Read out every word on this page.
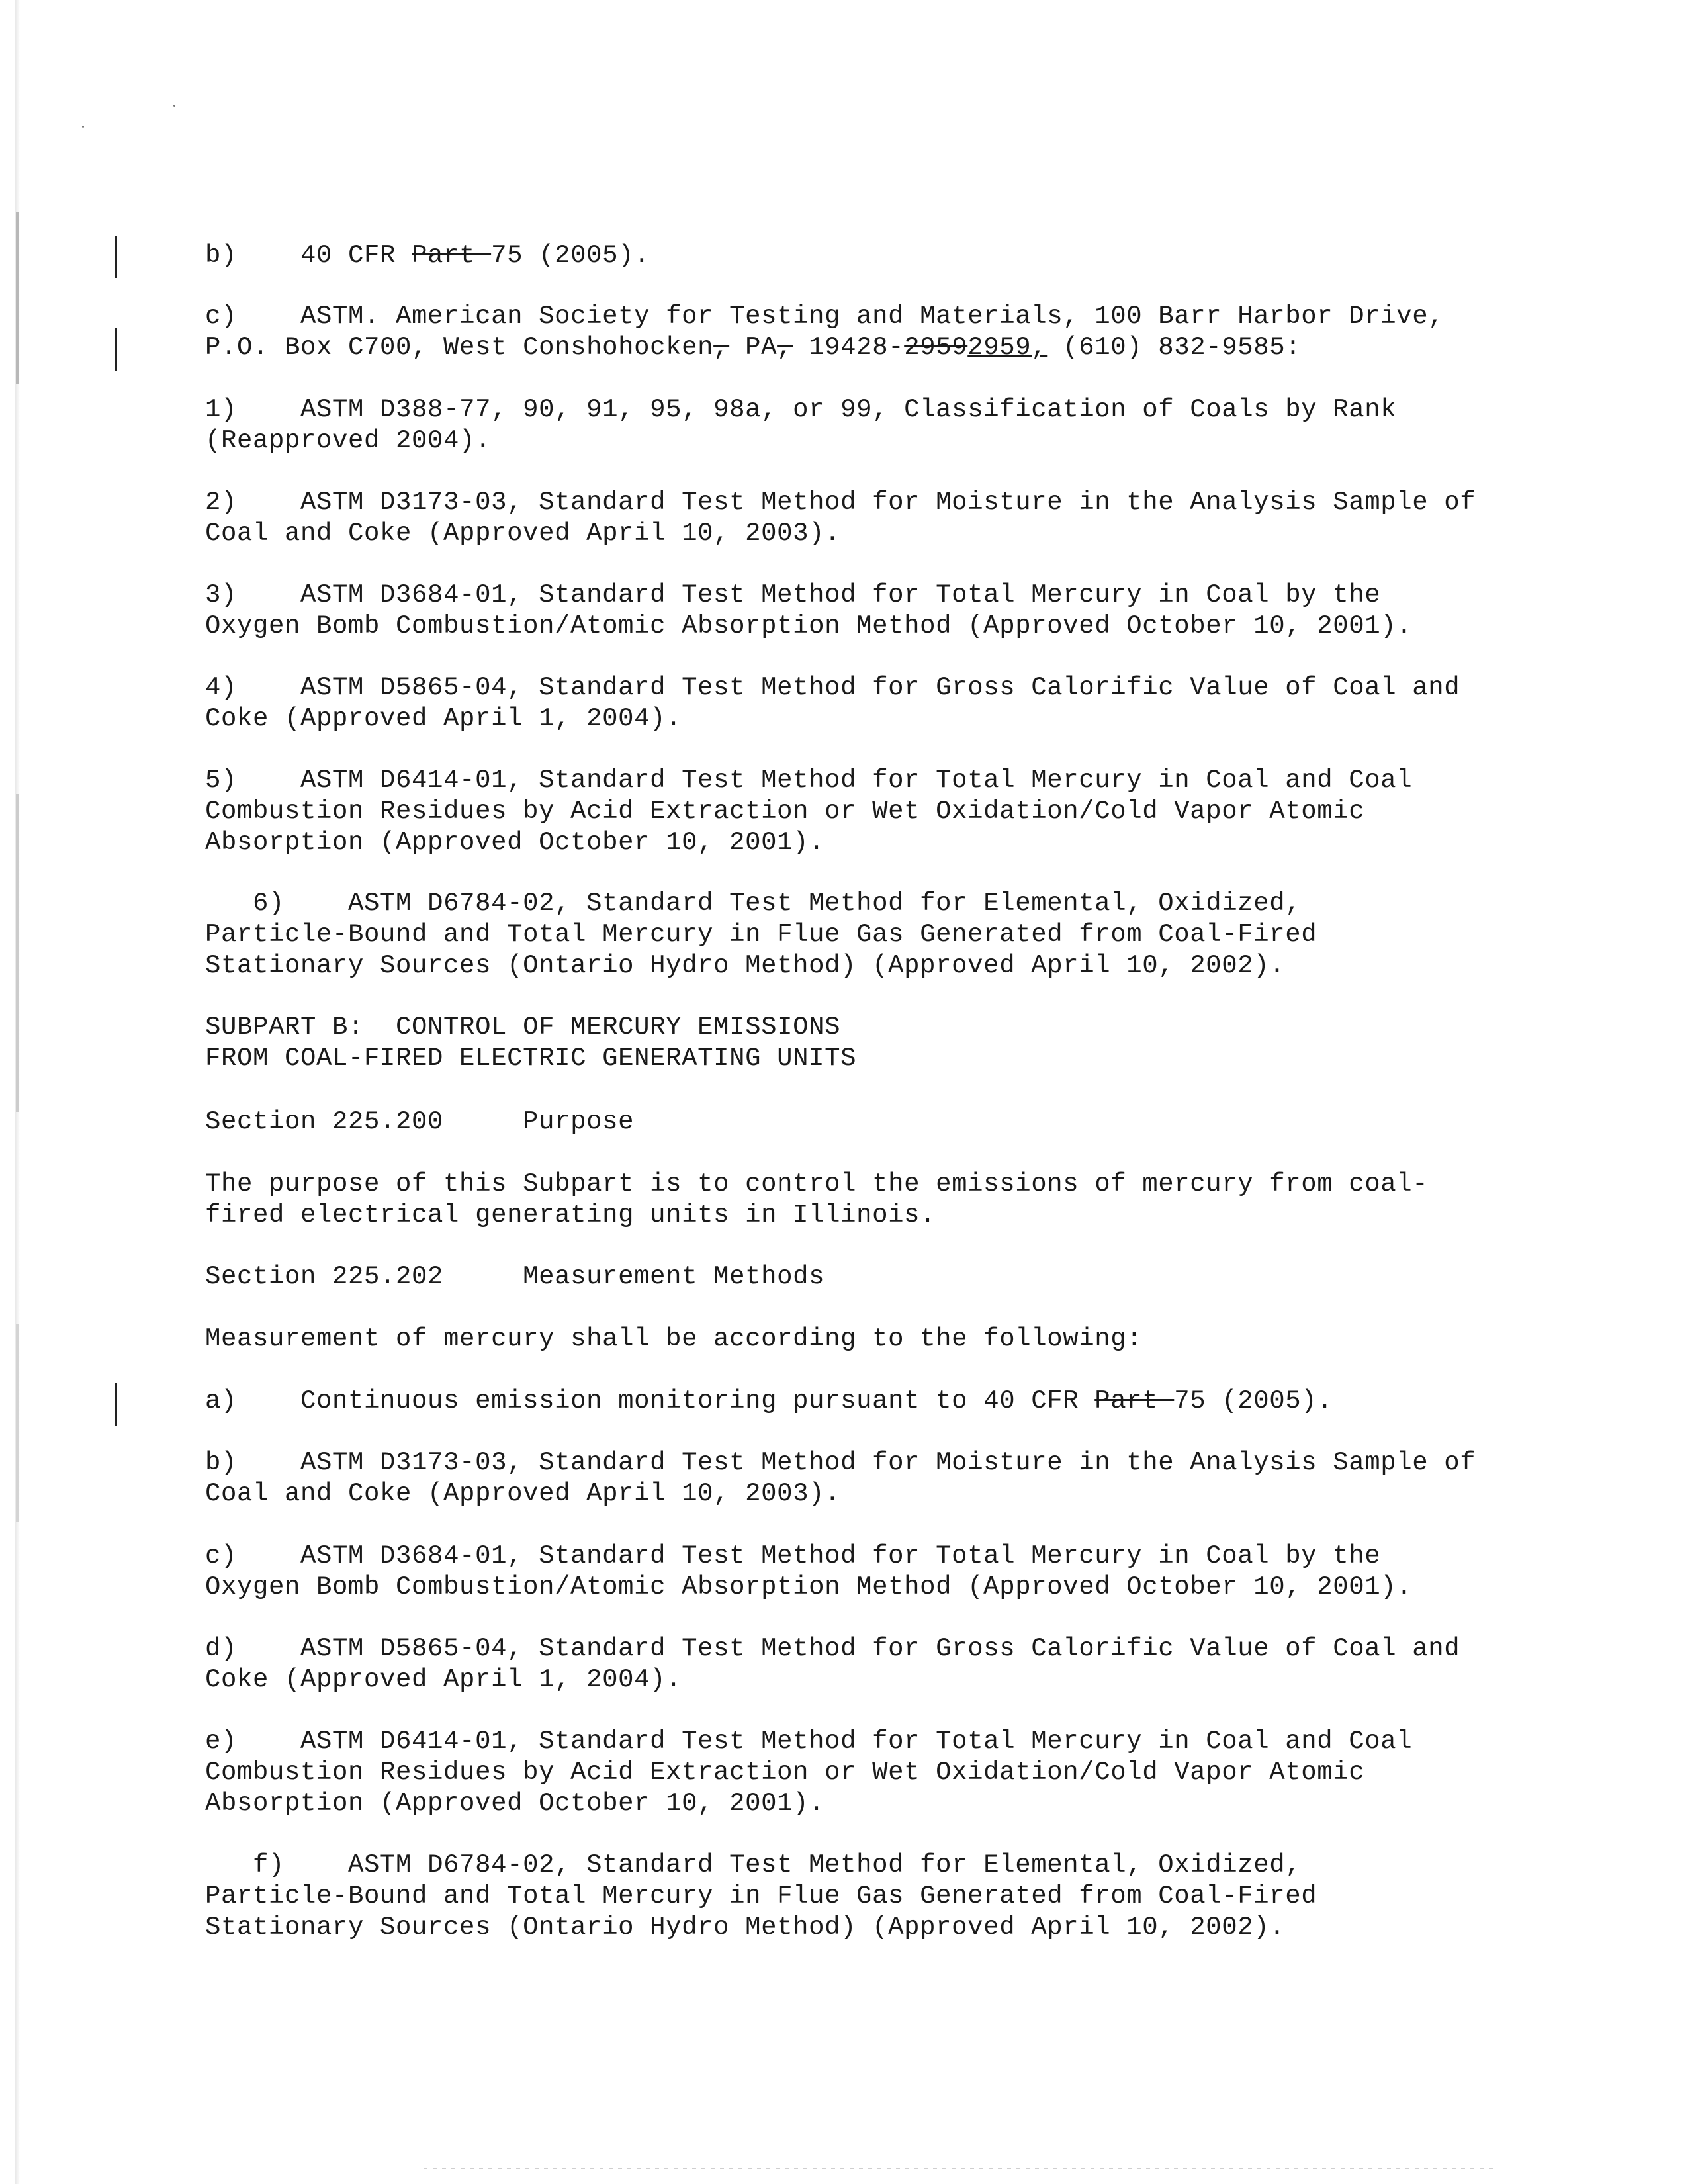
b) 40 CFR Part 75 (2005).

c) ASTM. American Society for Testing and Materials, 100 Barr Harbor Drive,

P.O. Box C700, West Conshohocken, PA, 19428-29592959, (610) 832-9585:

1) ASTM D388-77, 90, 91, 95, 98a, or 99, Classification of Coals by Rank

(Reapproved 2004).

2) ASTM D3173-03, Standard Test Method for Moisture in the Analysis Sample of

Coal and Coke (Approved April 10, 2003).

3) ASTM D3684-01, Standard Test Method for Total Mercury in Coal by the

Oxygen Bomb Combustion/Atomic Absorption Method (Approved October 10, 2001).

4) ASTM D5865-04, Standard Test Method for Gross Calorific Value of Coal and

Coke (Approved April 1, 2004).

5) ASTM D6414-01, Standard Test Method for Total Mercury in Coal and Coal

Combustion Residues by Acid Extraction or Wet Oxidation/Cold Vapor Atomic

Absorption (Approved October 10, 2001).

6) ASTM D6784-02, Standard Test Method for Elemental, Oxidized,

Particle-Bound and Total Mercury in Flue Gas Generated from Coal-Fired

Stationary Sources (Ontario Hydro Method) (Approved April 10, 2002).

SUBPART B:  CONTROL OF MERCURY EMISSIONS

FROM COAL-FIRED ELECTRIC GENERATING UNITS

Section 225.200	Purpose

The purpose of this Subpart is to control the emissions of mercury from coal-

fired electrical generating units in Illinois.

Section 225.202	Measurement Methods

Measurement of mercury shall be according to the following:

a) Continuous emission monitoring pursuant to 40 CFR Part 75 (2005).

b) ASTM D3173-03, Standard Test Method for Moisture in the Analysis Sample of

Coal and Coke (Approved April 10, 2003).

c) ASTM D3684-01, Standard Test Method for Total Mercury in Coal by the

Oxygen Bomb Combustion/Atomic Absorption Method (Approved October 10, 2001).

d) ASTM D5865-04, Standard Test Method for Gross Calorific Value of Coal and

Coke (Approved April 1, 2004).

e) ASTM D6414-01, Standard Test Method for Total Mercury in Coal and Coal

Combustion Residues by Acid Extraction or Wet Oxidation/Cold Vapor Atomic

Absorption (Approved October 10, 2001).

f) ASTM D6784-02, Standard Test Method for Elemental, Oxidized,

Particle-Bound and Total Mercury in Flue Gas Generated from Coal-Fired

Stationary Sources (Ontario Hydro Method) (Approved April 10, 2002).
